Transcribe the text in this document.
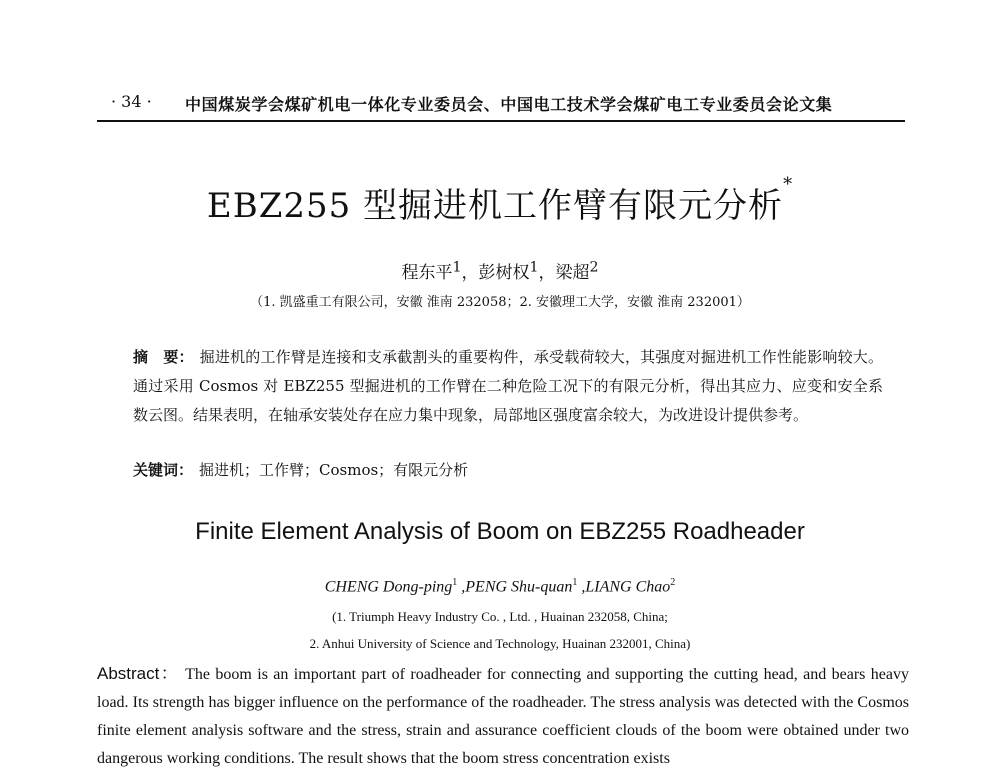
· 34 · 中国煤炭学会煤矿机电一体化专业委员会、中国电工技术学会煤矿电工专业委员会论文集
EBZ255 型掘进机工作臂有限元分析*
程东平$^1$，彭树权$^1$，梁超$^2$
（1. 凯盛重工有限公司，安徽 淮南 232058；2. 安徽理工大学，安徽 淮南 232001）
摘　要： 掘进机的工作臂是连接和支承截割头的重要构件，承受载荷较大，其强度对掘进机工作性能影响较大。通过采用 Cosmos 对 EBZ255 型掘进机的工作臂在二种危险工况下的有限元分析，得出其应力、应变和安全系数云图。结果表明，在轴承安装处存在应力集中现象，局部地区强度富余较大，为改进设计提供参考。
关键词： 掘进机；工作臂；Cosmos；有限元分析
Finite Element Analysis of Boom on EBZ255 Roadheader
CHENG Dong-ping$^1$ ,PENG Shu-quan$^1$ ,LIANG Chao$^2$
(1. Triumph Heavy Industry Co. , Ltd. , Huainan 232058, China;
2. Anhui University of Science and Technology, Huainan 232001, China)
Abstract： The boom is an important part of roadheader for connecting and supporting the cutting head, and bears heavy load. Its strength has bigger influence on the performance of the roadheader. The stress analysis was detected with the Cosmos finite element analysis software and the stress, strain and assurance coefficient clouds of the boom were obtained under two dangerous working conditions. The result shows that the boom stress concentration exists
